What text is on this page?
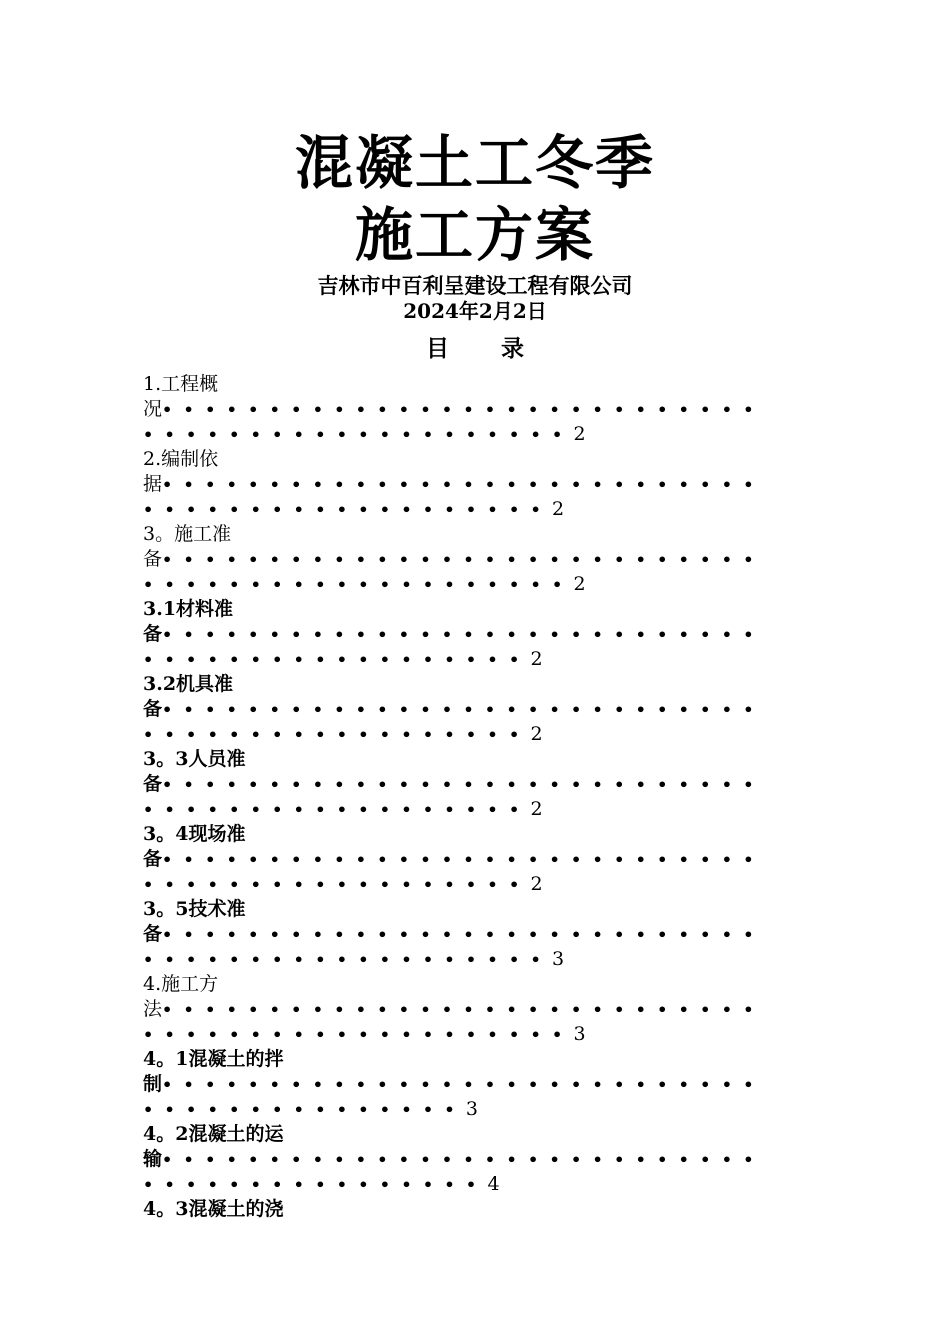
混凝土工冬季
施工方案
吉林市中百利呈建设工程有限公司
2024年2月2日
目 录
1.工程概
况••••••••••••••••••••••••••••
••••••••••••••••••••2
2.编制依
据••••••••••••••••••••••••••••
•••••••••••••••••••2
3。施工准
备••••••••••••••••••••••••••••
••••••••••••••••••••2
3.1材料准
备••••••••••••••••••••••••••••
••••••••••••••••••2
3.2机具准
备••••••••••••••••••••••••••••
••••••••••••••••••2
3。3人员准
备••••••••••••••••••••••••••••
••••••••••••••••••2
3。4现场准
备••••••••••••••••••••••••••••
••••••••••••••••••2
3。5技术准
备••••••••••••••••••••••••••••
•••••••••••••••••••3
4.施工方
法••••••••••••••••••••••••••••
••••••••••••••••••••3
4。1混凝土的拌
制••••••••••••••••••••••••••••
•••••••••••••••3
4。2混凝土的运
输••••••••••••••••••••••••••••
••••••••••••••••4
4。3混凝土的浇
